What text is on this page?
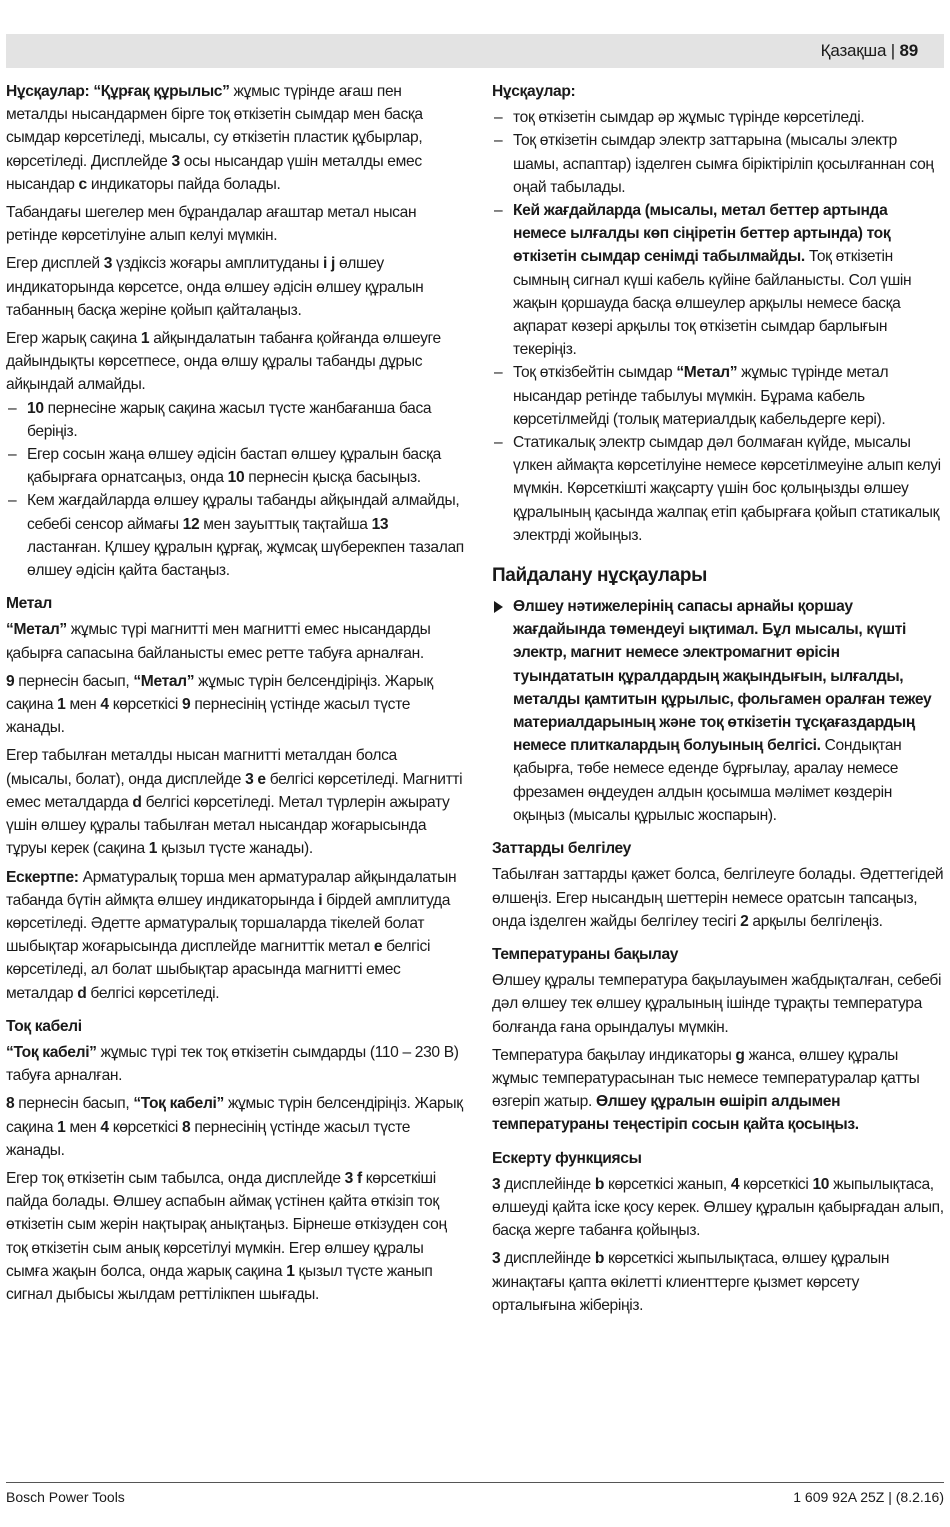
Қазақша | 89

Нұсқаулар: “Құрғақ құрылыс” жұмыс түрінде ағаш пен металды нысандармен бірге тоқ өткізетін сымдар мен басқа сымдар көрсетіледі, мысалы, су өткізетін пластик құбырлар, көрсетіледі. Дисплейде 3 осы нысандар үшін металды емес нысандар c индикаторы пайда болады.

Табандағы шегелер мен бұрандалар ағаштар метал нысан ретінде көрсетілуіне алып келуі мүмкін.

Егер дисплей 3 үздіксіз жоғары амплитуданы i j өлшеу индикаторында көрсетсе, онда өлшеу әдісін өлшеу құралын табанның басқа жеріне қойып қайталаңыз.

Егер жарық сақина 1 айқындалатын табанға қойғанда өлшеуге дайындықты көрсетпесе, онда өлшу құралы табанды дұрыс айқындай алмайды.

– 10 пернесіне жарық сақина жасыл түсте жанбағанша баса беріңіз.
– Егер сосын жаңа өлшеу әдісін бастап өлшеу құралын басқа қабырғаға орнатсаңыз, онда 10 пернесін қысқа басыңыз.
– Кем жағдайларда өлшеу құралы табанды айқындай алмайды, себебі сенсор аймағы 12 мен зауыттық тақтайша 13 ластанған. Қлшеу құралын құрғақ, жұмсақ шүберекпен тазалап өлшеу әдісін қайта бастаңыз.
Метал

“Метал” жұмыс түрі магнитті мен магнитті емес нысандарды қабырға сапасына байланысты емес ретте табуға арналған.

9 пернесін басып, “Метал” жұмыс түрін белсендіріңіз. Жарық сақина 1 мен 4 көрсеткісі 9 пернесінің үстінде жасыл түсте жанады.

Егер табылған металды нысан магнитті металдан болса (мысалы, болат), онда дисплейде 3 e белгісі көрсетіледі. Магнитті емес металдарда d белгісі көрсетіледі. Метал түрлерін ажырату үшін өлшеу құралы табылған метал нысандар жоғарысында тұруы керек (сақина 1 қызыл түсте жанады).

Ескертпе: Арматуралық торша мен арматуралар айқындалатын табанда бүтін аймқта өлшеу индикаторында i бірдей амплитуда көрсетіледі. Әдетте арматуралық торшаларда тікелей болат шыбықтар жоғарысында дисплейде магниттік метал e белгісі көрсетіледі, ал болат шыбықтар арасында магнитті емес металдар d белгісі көрсетіледі.

Тоқ кабелі

“Тоқ кабелі” жұмыс түрі тек тоқ өткізетін сымдарды (110 – 230 В) табуға арналған.

8 пернесін басып, “Тоқ кабелі” жұмыс түрін белсендіріңіз. Жарық сақина 1 мен 4 көрсеткісі 8 пернесінің үстінде жасыл түсте жанады.

Егер тоқ өткізетін сым табылса, онда дисплейде 3 f көрсеткіші пайда болады. Өлшеу аспабын аймақ үстінен қайта өткізіп тоқ өткізетін сым жерін нақтырақ анықтаңыз. Бірнеше өткізуден соң тоқ өткізетін сым анық көрсетілуі мүмкін. Егер өлшеу құралы сымға жақын болса, онда жарық сақина 1 қызыл түсте жанып сигнал дыбысы жылдам реттілікпен шығады.

Нұсқаулар:
– тоқ өткізетін сымдар әр жұмыс түрінде көрсетіледі.
– Тоқ өткізетін сымдар электр заттарына (мысалы электр шамы, аспаптар) ізделген сымға біріктіріліп қосылғаннан соң оңай табылады.
– Кей жағдайларда (мысалы, метал беттер артында немесе ылғалды көп сіңіретін беттер артында) тоқ өткізетін сымдар сенімді табылмайды. Тоқ өткізетін сымның сигнал күші кабель күйіне байланысты. Сол үшін жақын қоршауда басқа өлшеулер арқылы немесе басқа ақпарат көзері арқылы тоқ өткізетін сымдар барлығын текеріңіз.
– Тоқ өткізбейтін сымдар “Метал” жұмыс түрінде метал нысандар ретінде табылуы мүмкін. Бұрама кабель көрсетілмейді (толық материалдық кабельдерге кері).
– Статикалық электр сымдар дәл болмаған күйде, мысалы үлкен аймақта көрсетілуіне немесе көрсетілмеуіне алып келуі мүмкін. Көрсеткішті жақсарту үшін бос қолыңызды өлшеу құралының қасында жалпақ етіп қабырғаға қойып статикалық электрді жойыңыз.
Пайдалану нұсқаулары
Өлшеу нәтижелерінің сапасы арнайы қоршау жағдайында төмендеуі ықтимал. Бұл мысалы, күшті электр, магнит немесе электромагнит өрісін туындататын құралдардың жақындығын, ылғалды, металды қамтитын құрылыс, фольгамен оралған тежеу материалдарының және тоқ өткізетін тұсқағаздардың немесе плиткалардың болуының белгісі. Сондықтан қабырға, төбе немесе еденде бұрғылау, аралау немесе фрезамен өңдеуден алдын қосымша мәлімет көздерін оқыңыз (мысалы құрылыс жоспарын).
Заттарды белгілеу

Табылған заттарды қажет болса, белгілеуге болады. Әдеттегідей өлшеңіз. Егер нысандың шеттерін немесе оратсын тапсаңыз, онда ізделген жайды белгілеу тесігі 2 арқылы белгілеңіз.

Температураны бақылау

Өлшеу құралы температура бақылауымен жабдықталған, себебі дәл өлшеу тек өлшеу құралының ішінде тұрақты температура болғанда ғана орындалуы мүмкін.

Температура бақылау индикаторы g жанса, өлшеу құралы жұмыс температурасынан тыс немесе температуралар қатты өзгеріп жатыр. Өлшеу құралын өшіріп алдымен температураны теңестіріп сосын қайта қосыңыз.

Ескерту функциясы

3 дисплейінде b көрсеткісі жанып, 4 көрсеткісі 10 жыпылықтаса, өлшеуді қайта іске қосу керек. Өлшеу құралын қабырғадан алып, басқа жерге табанға қойыңыз.

3 дисплейінде b көрсеткісі жыпылықтаса, өлшеу құралын жинақтағы қапта өкілетті клиенттерге қызмет көрсету орталығына жіберіңіз.

Bosch Power Tools	1 609 92A 25Z | (8.2.16)
